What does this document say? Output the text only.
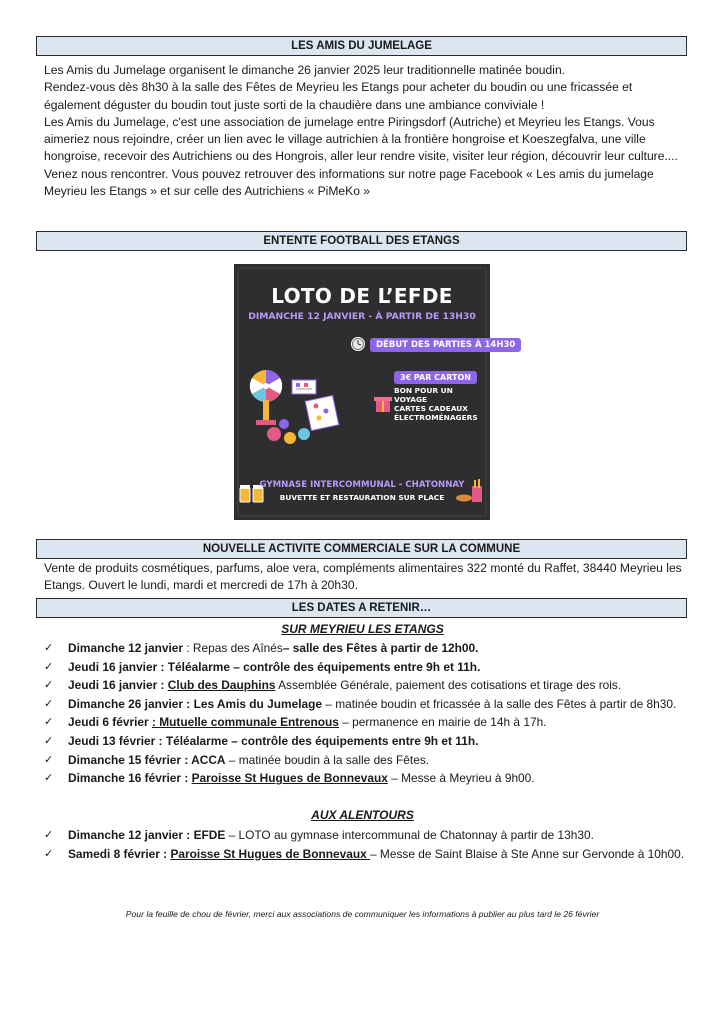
LES AMIS DU JUMELAGE

Les Amis du Jumelage organisent le dimanche 26 janvier 2025 leur traditionnelle matinée boudin.

Rendez-vous dès 8h30 à la salle des Fêtes de Meyrieu les Etangs pour acheter du boudin ou une fricassée et également déguster du boudin tout juste sorti de la chaudière dans une ambiance conviviale !

Les Amis du Jumelage, c'est une association de jumelage entre Piringsdorf (Autriche) et Meyrieu les Etangs. Vous aimeriez nous rejoindre, créer un lien avec le village autrichien à la frontière hongroise et Koeszegfalva, une ville hongroise, recevoir des Autrichiens ou des Hongrois, aller leur rendre visite, visiter leur région, découvrir leur culture.... Venez nous rencontrer. Vous pouvez retrouver des informations sur notre page Facebook « Les amis du jumelage Meyrieu les Etangs » et sur celle des Autrichiens « PiMeKo »

ENTENTE FOOTBALL DES ETANGS
LOTO DE L’EFDE
DIMANCHE 12 JANVIER - À PARTIR DE 13H30
DÉBUT DES PARTIES À 14H30
3€ PAR CARTON
BON POUR UN
VOYAGE
CARTES CADEAUX
ÉLECTROMÉNAGERS
GYMNASE INTERCOMMUNAL - CHATONNAY
BUVETTE ET RESTAURATION SUR PLACE
NOUVELLE ACTIVITE COMMERCIALE SUR LA COMMUNE

Vente de produits cosmétiques, parfums, aloe vera, compléments alimentaires 322 monté du Raffet, 38440 Meyrieu les Etangs. Ouvert le lundi, mardi et mercredi de 17h à 20h30.

LES DATES A RETENIR…
SUR MEYRIEU LES ETANGS
✓ Dimanche 12 janvier : Repas des Aînés– salle des Fêtes à partir de 12h00.
✓ Jeudi 16 janvier : Téléalarme – contrôle des équipements entre 9h et 11h.
✓ Jeudi 16 janvier : Club des Dauphins Assemblée Générale, paiement des cotisations et tirage des rois.
✓ Dimanche 26 janvier : Les Amis du Jumelage – matinée boudin et fricassée à la salle des Fêtes à partir de 8h30.
✓ Jeudi 6 février : Mutuelle communale Entrenous – permanence en mairie de 14h à 17h.
✓ Jeudi 13 février : Téléalarme – contrôle des équipements entre 9h et 11h.
✓ Dimanche 15 février : ACCA – matinée boudin à la salle des Fêtes.
✓ Dimanche 16 février : Paroisse St Hugues de Bonnevaux – Messe à Meyrieu à 9h00.
AUX ALENTOURS
✓ Dimanche 12 janvier : EFDE – LOTO au gymnase intercommunal de Chatonnay à partir de 13h30.
✓ Samedi 8 février : Paroisse St Hugues de Bonnevaux – Messe de Saint Blaise à Ste Anne sur Gervonde à 10h00.
Pour la feuille de chou de février, merci aux associations de communiquer les informations à publier au plus tard le 26 février
